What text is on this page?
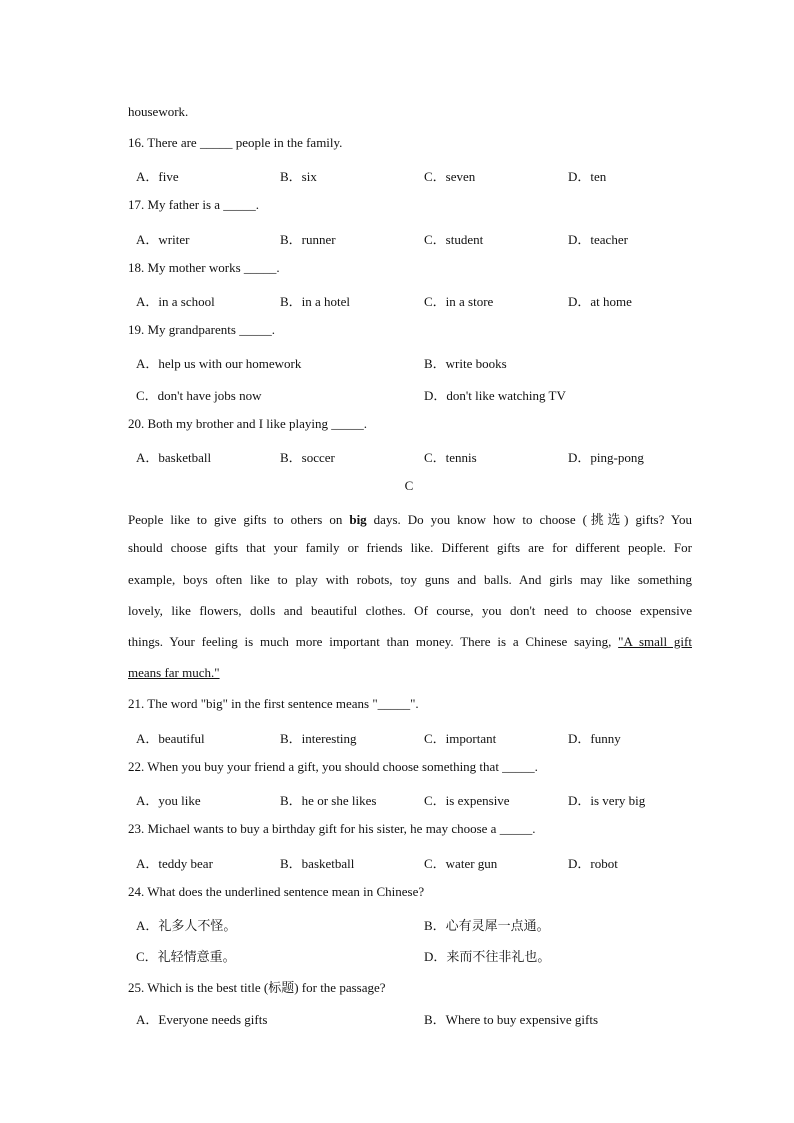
housework.
16. There are _____ people in the family.
A．five	B．six	C．seven	D．ten
17. My father is a _____.
A．writer	B．runner	C．student	D．teacher
18. My mother works _____.
A．in a school	B．in a hotel	C．in a store	D．at home
19. My grandparents _____.
A．help us with our homework	B．write books
C．don't have jobs now	D．don't like watching TV
20. Both my brother and I like playing _____.
A．basketball	B．soccer	C．tennis	D．ping-pong
C
People like to give gifts to others on big days. Do you know how to choose (挑选) gifts? You
should choose gifts that your family or friends like. Different gifts are for different people. For
example, boys often like to play with robots, toy guns and balls. And girls may like something
lovely, like flowers, dolls and beautiful clothes. Of course, you don't need to choose expensive
things. Your feeling is much more important than money. There is a Chinese saying, "A small gift
means far much."
21. The word "big" in the first sentence means "_____".
A．beautiful	B．interesting	C．important	D．funny
22. When you buy your friend a gift, you should choose something that _____.
A．you like	B．he or she likes	C．is expensive	D．is very big
23. Michael wants to buy a birthday gift for his sister, he may choose a _____.
A．teddy bear	B．basketball	C．water gun	D．robot
24. What does the underlined sentence mean in Chinese?
A．礼多人不怪。	B．心有灵犀一点通。
C．礼轻情意重。	D．来而不往非礼也。
25. Which is the best title (标题) for the passage?
A．Everyone needs gifts	B．Where to buy expensive gifts
